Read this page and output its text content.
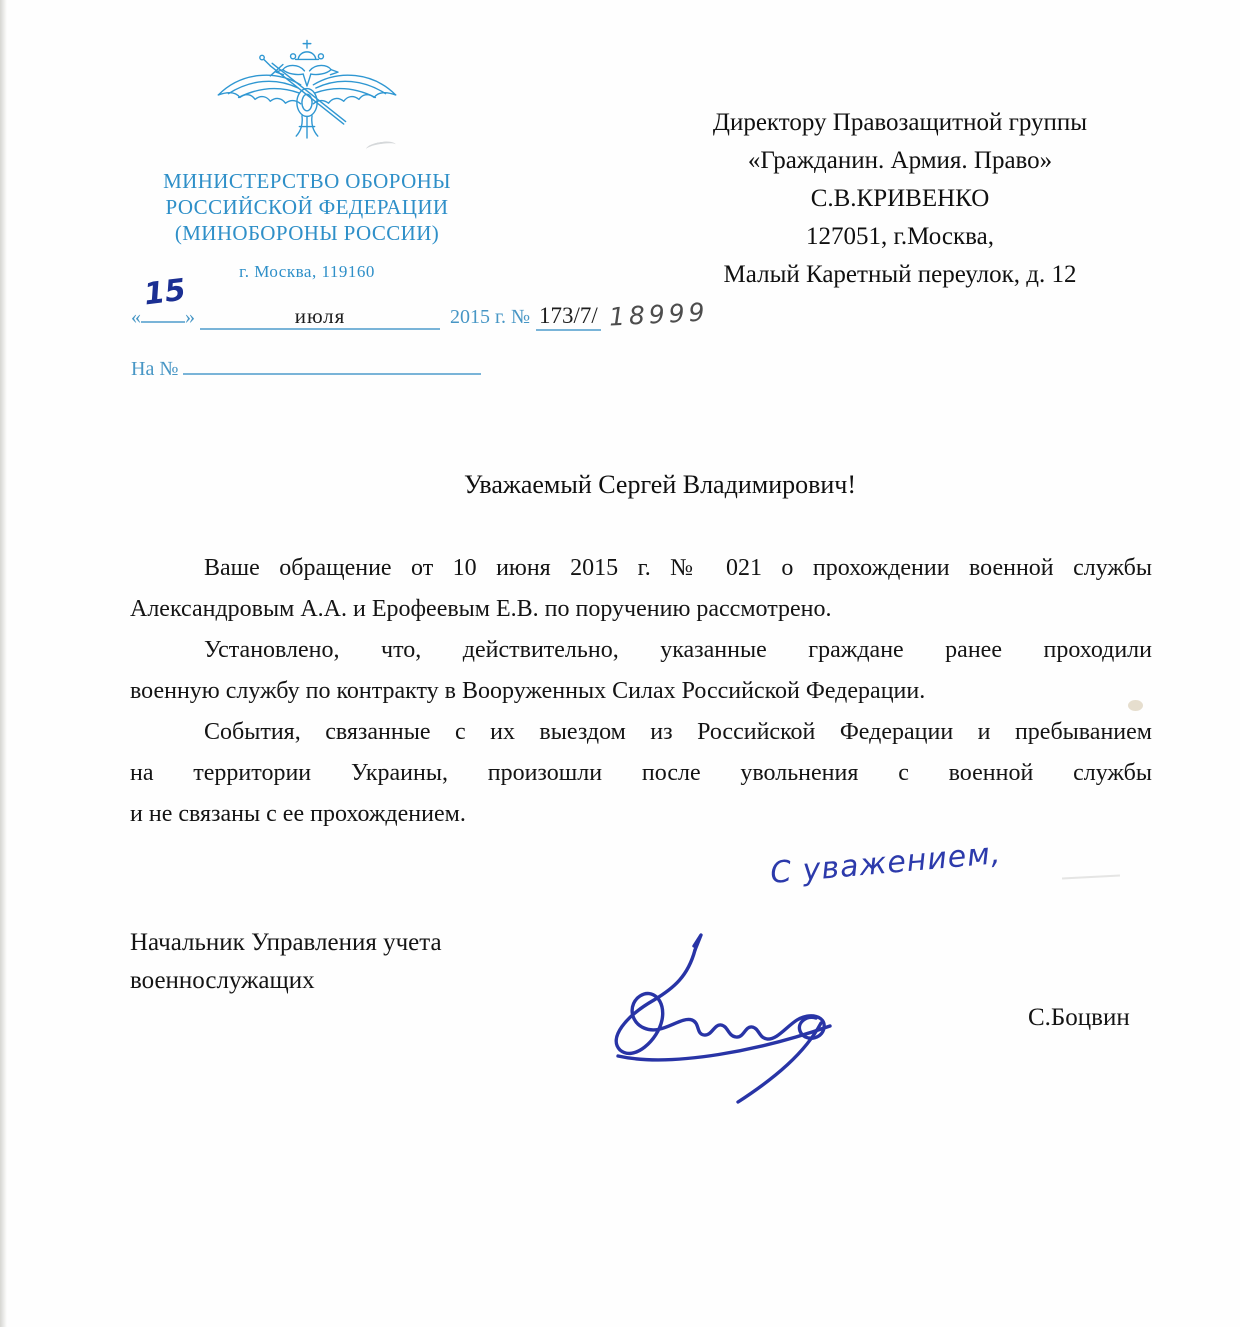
МИНИСТЕРСТВО ОБОРОНЫ
РОССИЙСКОЙ ФЕДЕРАЦИИ
(МИНОБОРОНЫ РОССИИ)
г. Москва, 119160
«
15
»	июля	2015 г. № 173/7/ 18999
На №
Директору Правозащитной группы
«Гражданин. Армия. Право»
С.В.КРИВЕНКО
127051, г.Москва,
Малый Каретный переулок, д. 12
Уважаемый Сергей Владимирович!
Ваше обращение от 10 июня 2015 г. № 021 о прохождении военной службы
Александровым А.А. и Ерофеевым Е.В. по поручению рассмотрено.
Установлено, что, действительно, указанные граждане ранее проходили
военную службу по контракту в Вооруженных Силах Российской Федерации.
События, связанные с их выездом из Российской Федерации и пребыванием
на территории Украины, произошли после увольнения с военной службы
и не связаны с ее прохождением.
С уважением,
Начальник Управления учета
военнослужащих
С.Боцвин
